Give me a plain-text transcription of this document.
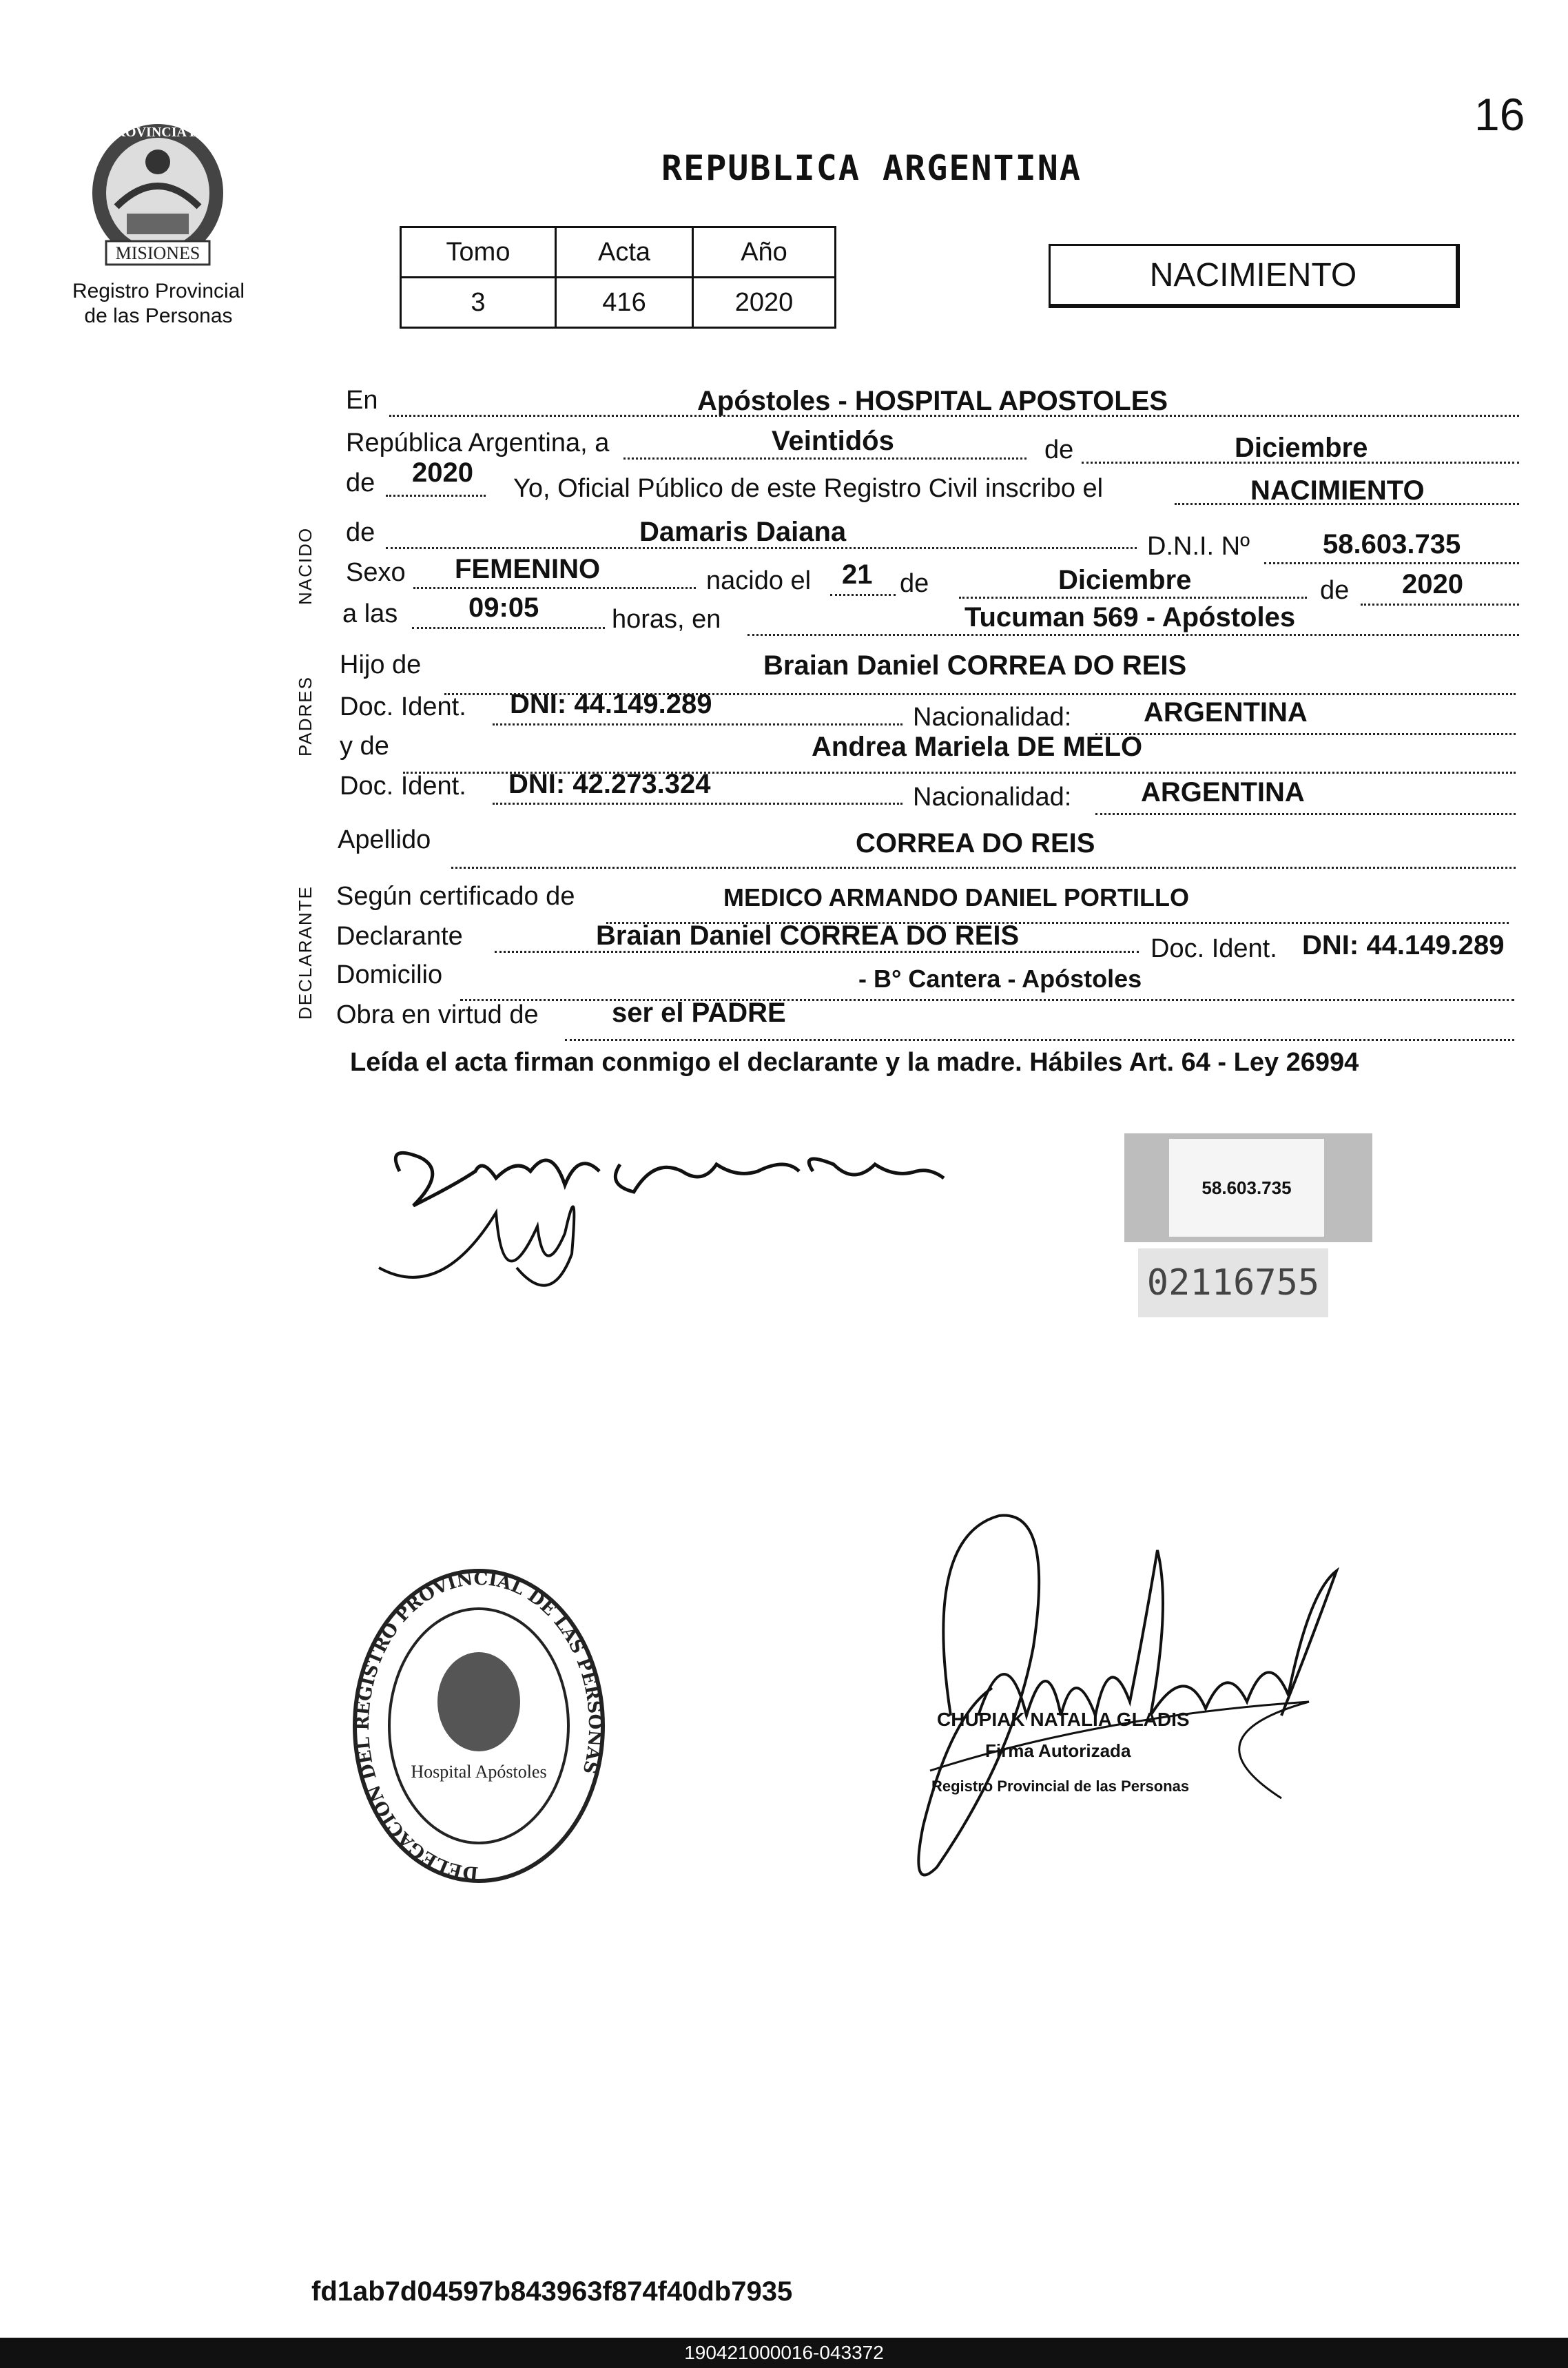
16
PROVINCIA DE
MISIONES
Registro Provincial
de las Personas
REPUBLICA ARGENTINA
Tomo	Acta	Año
3	416	2020
NACIMIENTO
NACIDO
PADRES
DECLARANTE
En	Apóstoles - HOSPITAL APOSTOLES
República Argentina, a	Veintidós	de	Diciembre
de 2020
Yo, Oficial Público de este Registro Civil inscribo el	NACIMIENTO
de	Damaris Daiana	D.N.I. Nº	58.603.735
Sexo FEMENINO	nacido el 21 de	Diciembre	de 2020
a las	09:05	horas, en	Tucuman 569 - Apóstoles
Hijo de	Braian Daniel CORREA DO REIS
Doc. Ident. DNI: 44.149.289	Nacionalidad:	ARGENTINA
y de	Andrea Mariela DE MELO
Doc. Ident. DNI: 42.273.324	Nacionalidad:	ARGENTINA
Apellido	CORREA DO REIS
Según certificado de	MEDICO ARMANDO DANIEL PORTILLO
Declarante	Braian Daniel CORREA DO REIS	Doc. Ident. DNI: 44.149.289
Domicilio	- B° Cantera - Apóstoles
Obra en virtud de	ser el PADRE
Leída el acta firman conmigo el declarante y la madre. Hábiles Art. 64 - Ley 26994
58.603.735
02116755
DELEGACION DEL REGISTRO PROVINCIAL DE LAS PERSONAS
Hospital Apóstoles
CHUPIAK NATALIA GLADIS
Firma Autorizada
Registro Provincial de las Personas
fd1ab7d04597b843963f874f40db7935
190421000016-043372
